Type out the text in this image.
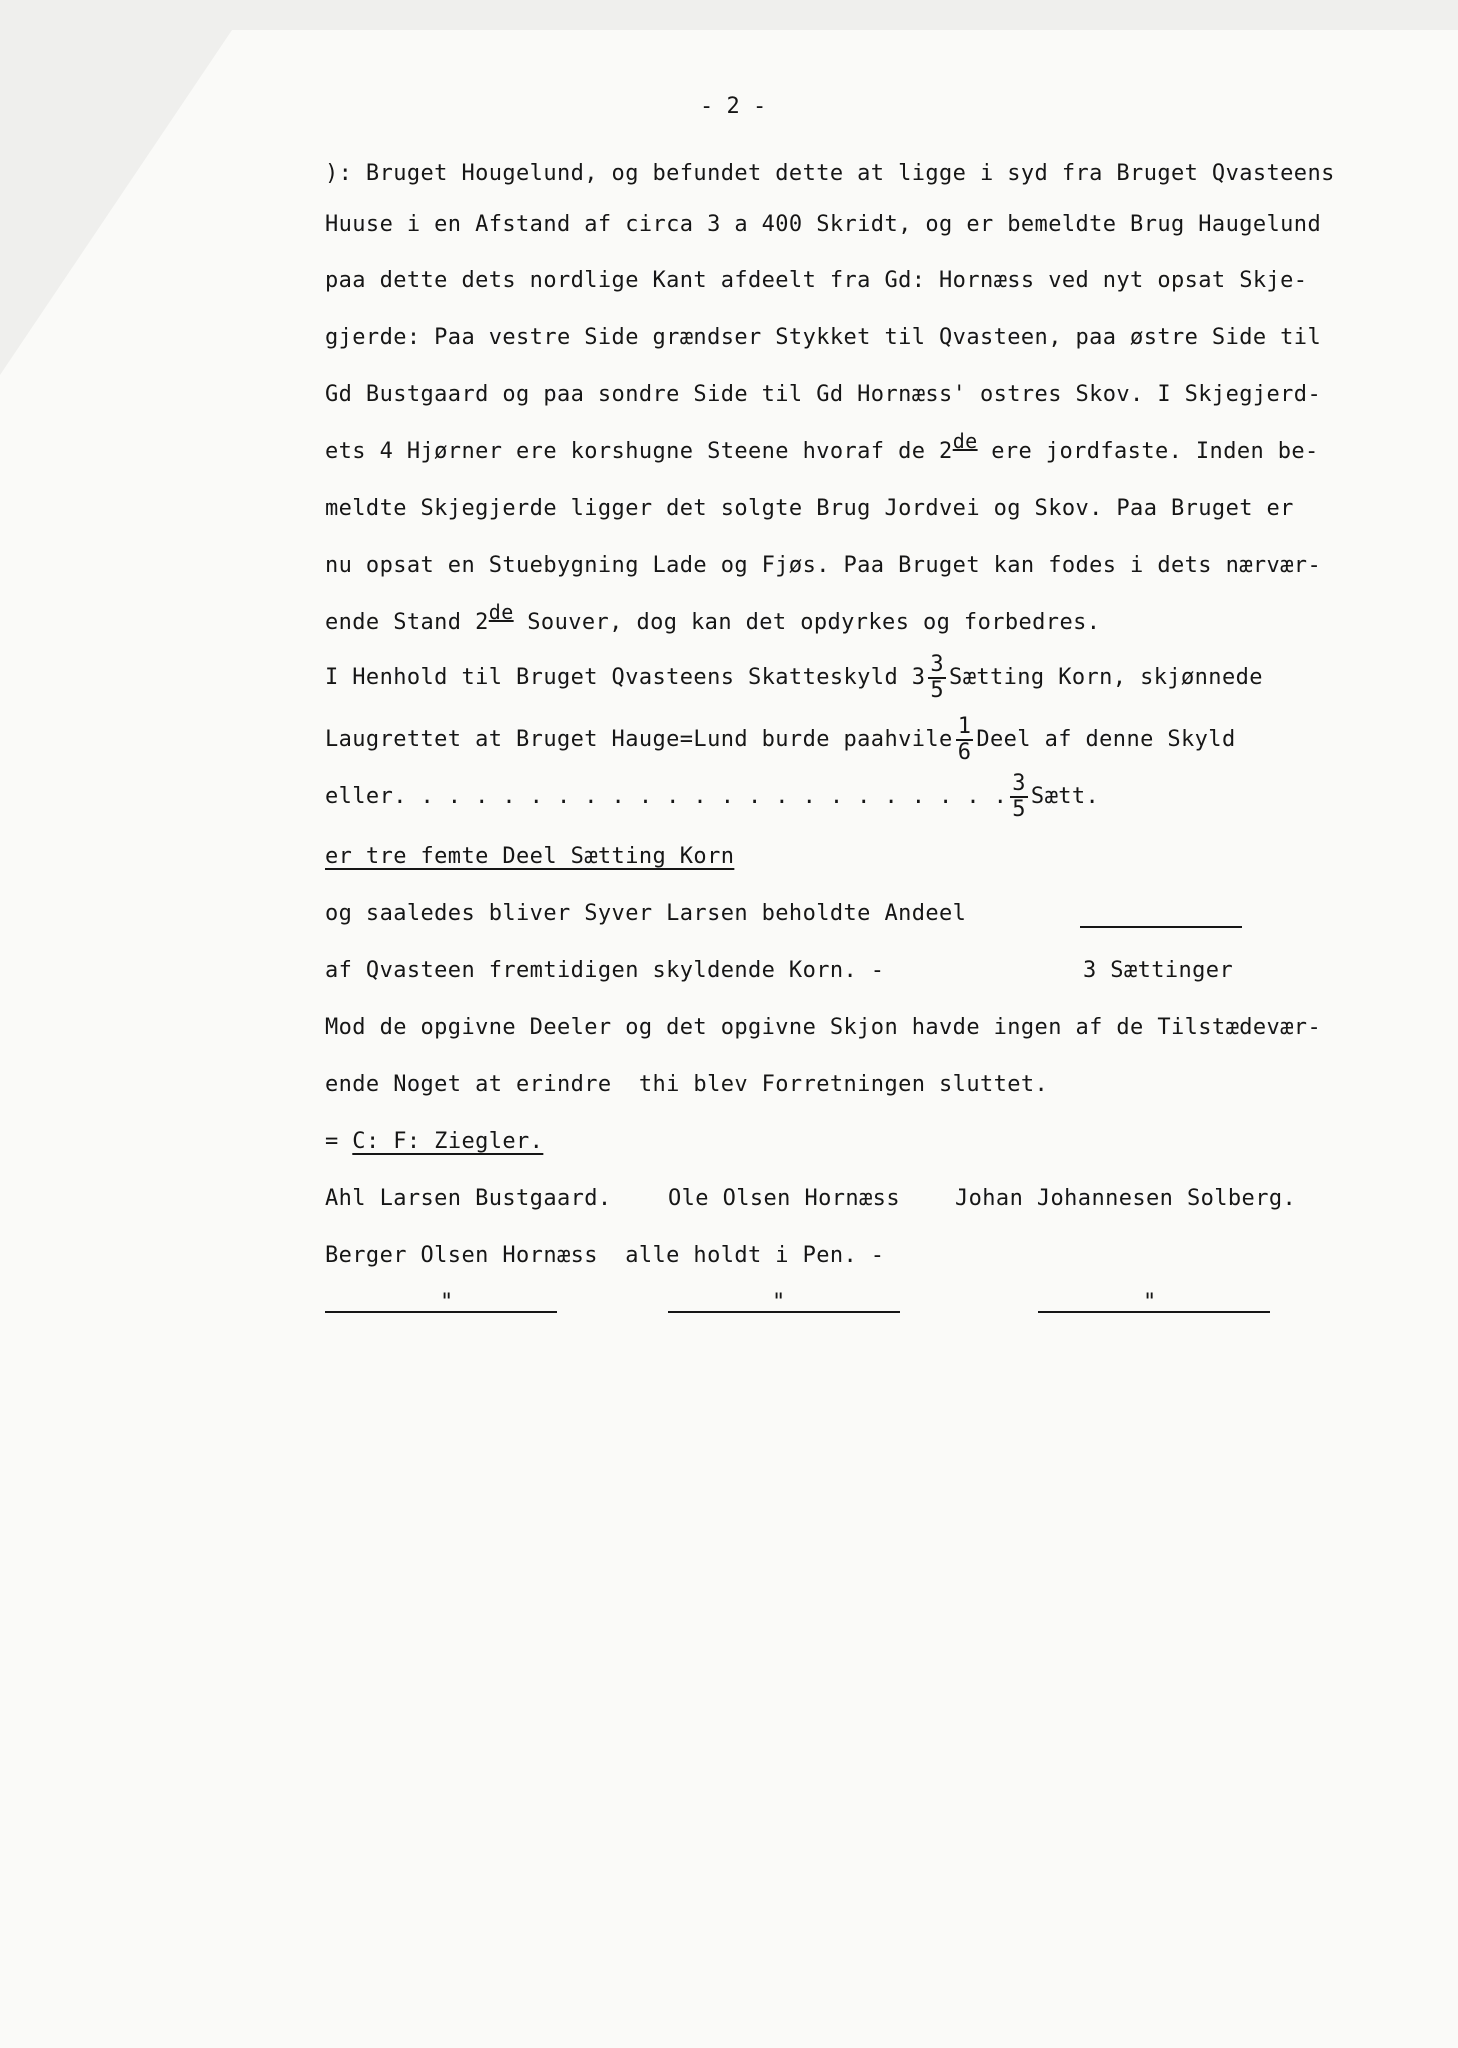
- 2 -
): Bruget Hougelund, og befundet dette at ligge i syd fra Bruget Qvasteens
Huuse i en Afstand af circa 3 a 400 Skridt, og er bemeldte Brug Haugelund
paa dette dets nordlige Kant afdeelt fra Gd: Hornæss ved nyt opsat Skje-
gjerde: Paa vestre Side grændser Stykket til Qvasteen, paa østre Side til
Gd Bustgaard og paa sondre Side til Gd Hornæss' ostres Skov. I Skjegjerd-
ets 4 Hjørner ere korshugne Steene hvoraf de 2de ere jordfaste. Inden be-
meldte Skjegjerde ligger det solgte Brug Jordvei og Skov. Paa Bruget er
nu opsat en Stuebygning Lade og Fjøs. Paa Bruget kan fodes i dets nærvær-
ende Stand 2de Souver, dog kan det opdyrkes og forbedres.
I Henhold til Bruget Qvasteens Skatteskyld $3 \frac{3}{5}$ Sætting Korn, skjønnede
Laugrettet at Bruget Hauge=Lund burde paahvile $\frac{1}{6}$ Deel af denne Skyld
eller. . . . . . . . . . . . . . . . . . . . . . . $\frac{3}{5}$ Sætt.
er tre femte Deel Sætting Korn
og saaledes bliver Syver Larsen beholdte Andeel
af Qvasteen fremtidigen skyldende Korn. -	3 Sættinger
Mod de opgivne Deeler og det opgivne Skjon havde ingen af de Tilstædevær-
ende Noget at erindre  thi blev Forretningen sluttet.
= C: F: Ziegler.
Ahl Larsen Bustgaard.	Ole Olsen Hornæss	Johan Johannesen Solberg.
Berger Olsen Hornæss  alle holdt i Pen. -
"	"	"
